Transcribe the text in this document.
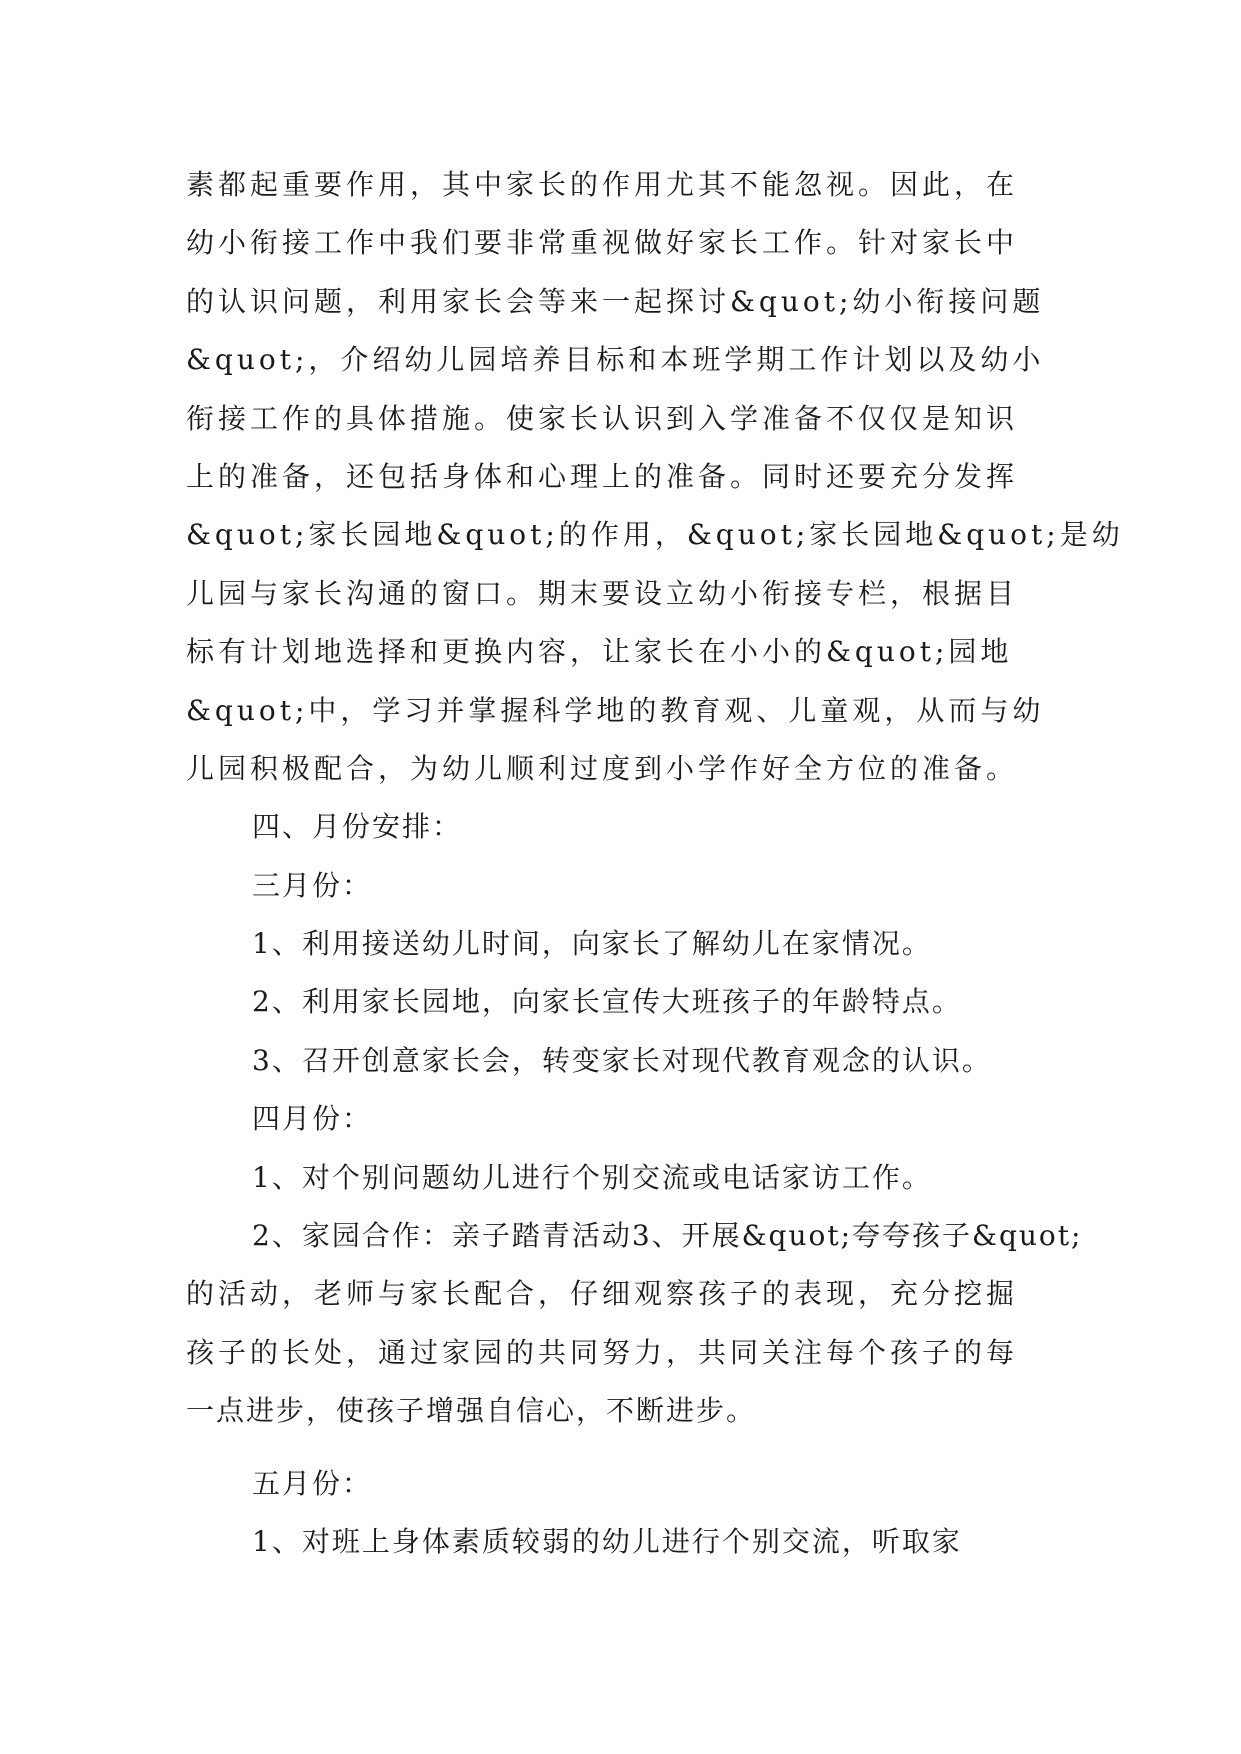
素都起重要作用，其中家长的作用尤其不能忽视。因此，在
幼小衔接工作中我们要非常重视做好家长工作。针对家长中
的认识问题，利用家长会等来一起探讨&quot;幼小衔接问题
&quot;，介绍幼儿园培养目标和本班学期工作计划以及幼小
衔接工作的具体措施。使家长认识到入学准备不仅仅是知识
上的准备，还包括身体和心理上的准备。同时还要充分发挥
&quot;家长园地&quot;的作用，&quot;家长园地&quot;是幼
儿园与家长沟通的窗口。期末要设立幼小衔接专栏，根据目
标有计划地选择和更换内容，让家长在小小的&quot;园地
&quot;中，学习并掌握科学地的教育观、儿童观，从而与幼
儿园积极配合，为幼儿顺利过度到小学作好全方位的准备。
四、月份安排：
三月份：
1、利用接送幼儿时间，向家长了解幼儿在家情况。
2、利用家长园地，向家长宣传大班孩子的年龄特点。
3、召开创意家长会，转变家长对现代教育观念的认识。
四月份：
1、对个别问题幼儿进行个别交流或电话家访工作。
2、家园合作：亲子踏青活动3、开展&quot;夸夸孩子&quot;
的活动，老师与家长配合，仔细观察孩子的表现，充分挖掘
孩子的长处，通过家园的共同努力，共同关注每个孩子的每
一点进步，使孩子增强自信心，不断进步。
五月份：
1、对班上身体素质较弱的幼儿进行个别交流，听取家
